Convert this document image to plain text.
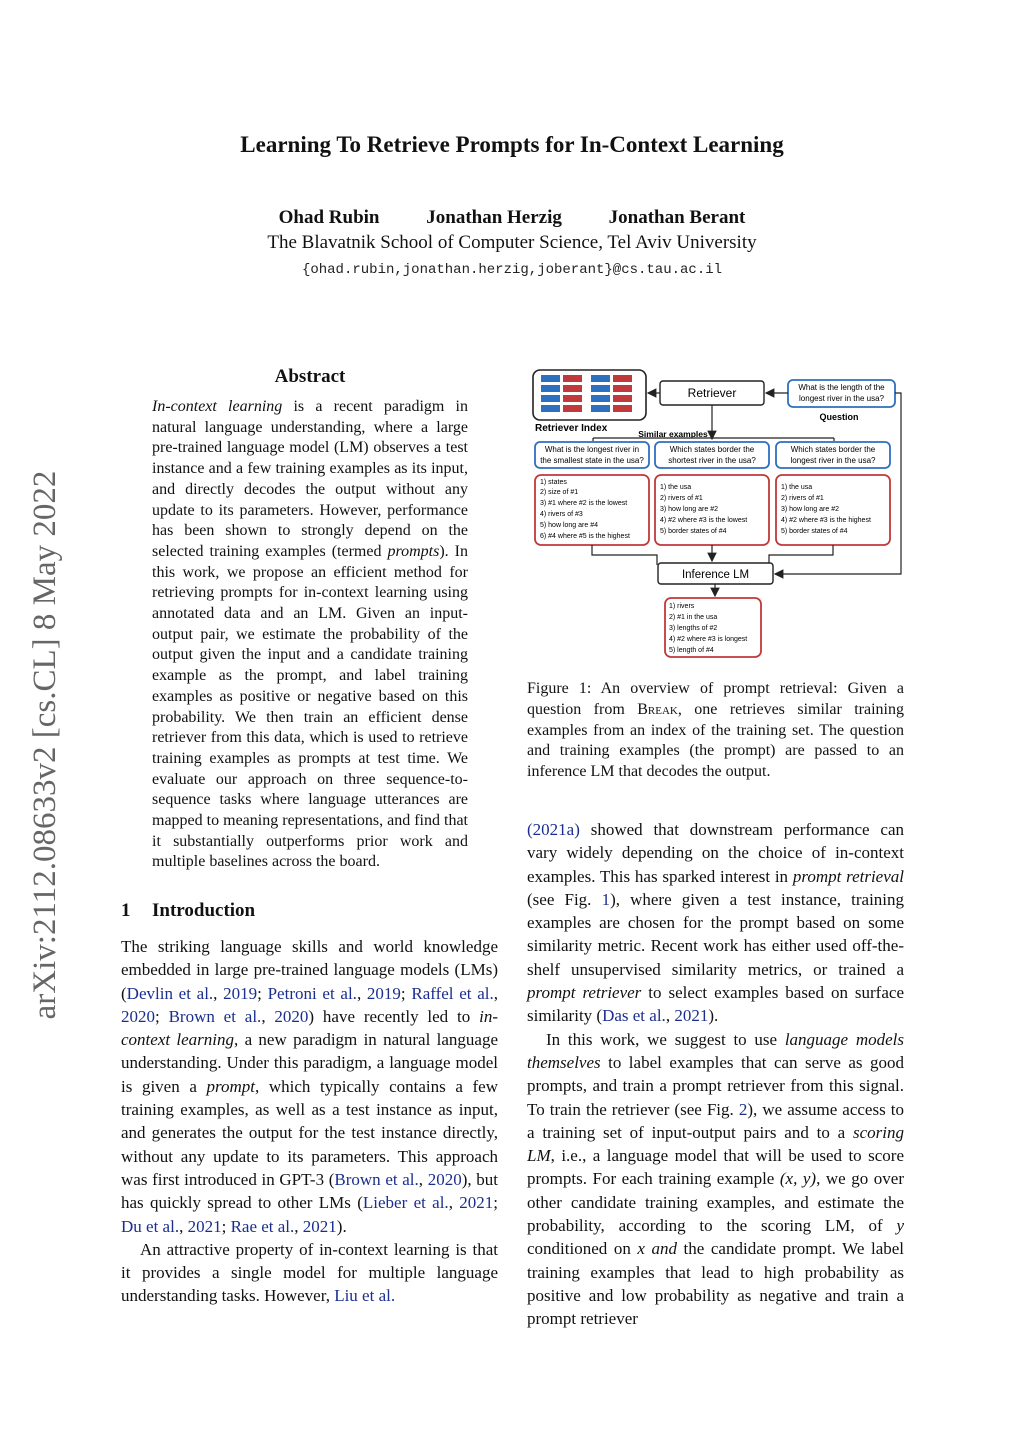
Learning To Retrieve Prompts for In-Context Learning
Ohad Rubin Jonathan Herzig Jonathan Berant
The Blavatnik School of Computer Science, Tel Aviv University
{ohad.rubin,jonathan.herzig,joberant}@cs.tau.ac.il
arXiv:2112.08633v2 [cs.CL] 8 May 2022
Abstract
In-context learning is a recent paradigm in natural language understanding, where a large pre-trained language model (LM) observes a test instance and a few training examples as its input, and directly decodes the output without any update to its parameters. However, performance has been shown to strongly depend on the selected training examples (termed prompts). In this work, we propose an efficient method for retrieving prompts for in-context learning using annotated data and an LM. Given an input-output pair, we estimate the probability of the output given the input and a candidate training example as the prompt, and label training examples as positive or negative based on this probability. We then train an efficient dense retriever from this data, which is used to retrieve training examples as prompts at test time. We evaluate our approach on three sequence-to-sequence tasks where language utterances are mapped to meaning representations, and find that it substantially outperforms prior work and multiple baselines across the board.
1 Introduction

The striking language skills and world knowledge embedded in large pre-trained language models (LMs) (Devlin et al., 2019; Petroni et al., 2019; Raffel et al., 2020; Brown et al., 2020) have recently led to in-context learning, a new paradigm in natural language understanding. Under this paradigm, a language model is given a prompt, which typically contains a few training examples, as well as a test instance as input, and generates the output for the test instance directly, without any update to its parameters. This approach was first introduced in GPT-3 (Brown et al., 2020), but has quickly spread to other LMs (Lieber et al., 2021; Du et al., 2021; Rae et al., 2021).

An attractive property of in-context learning is that it provides a single model for multiple language understanding tasks. However, Liu et al.

(2021a) showed that downstream performance can vary widely depending on the choice of in-context examples. This has sparked interest in prompt retrieval (see Fig. 1), where given a test instance, training examples are chosen for the prompt based on some similarity metric. Recent work has either used off-the-shelf unsupervised similarity metrics, or trained a prompt retriever to select examples based on surface similarity (Das et al., 2021).

In this work, we suggest to use language models themselves to label examples that can serve as good prompts, and train a prompt retriever from this signal. To train the retriever (see Fig. 2), we assume access to a training set of input-output pairs and to a scoring LM, i.e., a language model that will be used to score prompts. For each training example (x, y), we go over other candidate training examples, and estimate the probability, according to the scoring LM, of y conditioned on x and the candidate prompt. We label training examples that lead to high probability as positive and low probability as negative and train a prompt retriever

Figure 1: An overview of prompt retrieval: Given a question from Break, one retrieves similar training examples from an index of the training set. The question and training examples (the prompt) are passed to an inference LM that decodes the output.
Retriever Index
Retriever	What is the length of the
longest river in the usa?
Question
Similar examples
What is the longest river in
the smallest state in the usa?
1) states
2) size of #1
3) #1 where #2 is the lowest
4) rivers of #3
5) how long are #4
6) #4 where #5 is the highest
Which states border the
shortest river in the usa?
1) the usa
2) rivers of #1
3) how long are #2
4) #2 where #3 is the lowest
5) border states of #4
Which states border the
longest river in the usa?
1) the usa
2) rivers of #1
3) how long are #2
4) #2 where #3 is the highest
5) border states of #4
Inference LM
1) rivers
2) #1 in the usa
3) lengths of #2
4) #2 where #3 is longest
5) length of #4
